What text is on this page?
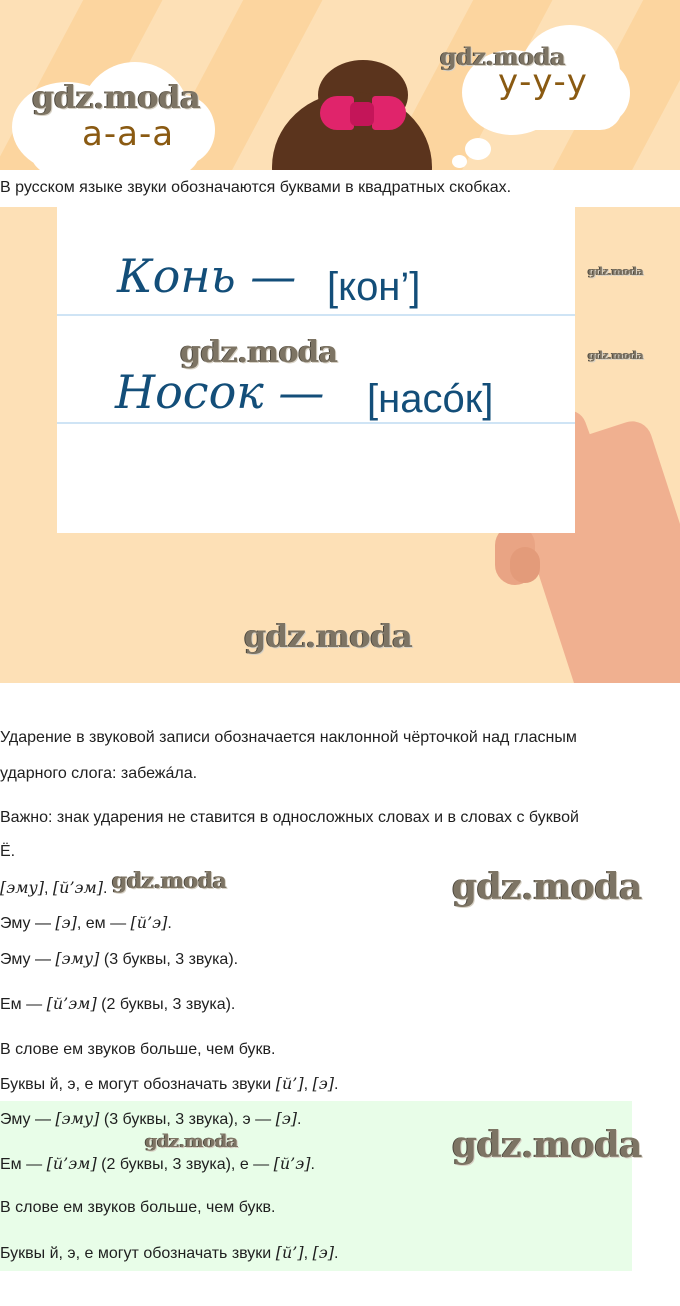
а-а-а
у-у-у
gdz.moda
gdz.moda
В русском языке звуки обозначаются буквами в квадратных скобках.
Конь — [кон’]
Носок — [насóк]
gdz.moda
gdz.moda
gdz.moda
gdz.moda
Ударение в звуковой записи обозначается наклонной чёрточкой над гласным
ударного слога: забежáла.
Важно: знак ударения не ставится в односложных словах и в словах с буквой
Ё.
[эму], [й’эм]. gdz.moda	gdz.moda
Эму — [э], ем — [й’э].
Эму — [эму] (3 буквы, 3 звука).
Ем — [й’эм] (2 буквы, 3 звука).
В слове ем звуков больше, чем букв.
Буквы й, э, е могут обозначать звуки [й’], [э].
Эму — [эму] (3 буквы, 3 звука), э — [э].
gdz.moda	gdz.moda
Ем — [й’эм] (2 буквы, 3 звука), е — [й’э].
В слове ем звуков больше, чем букв.
Буквы й, э, е могут обозначать звуки [й’], [э].
